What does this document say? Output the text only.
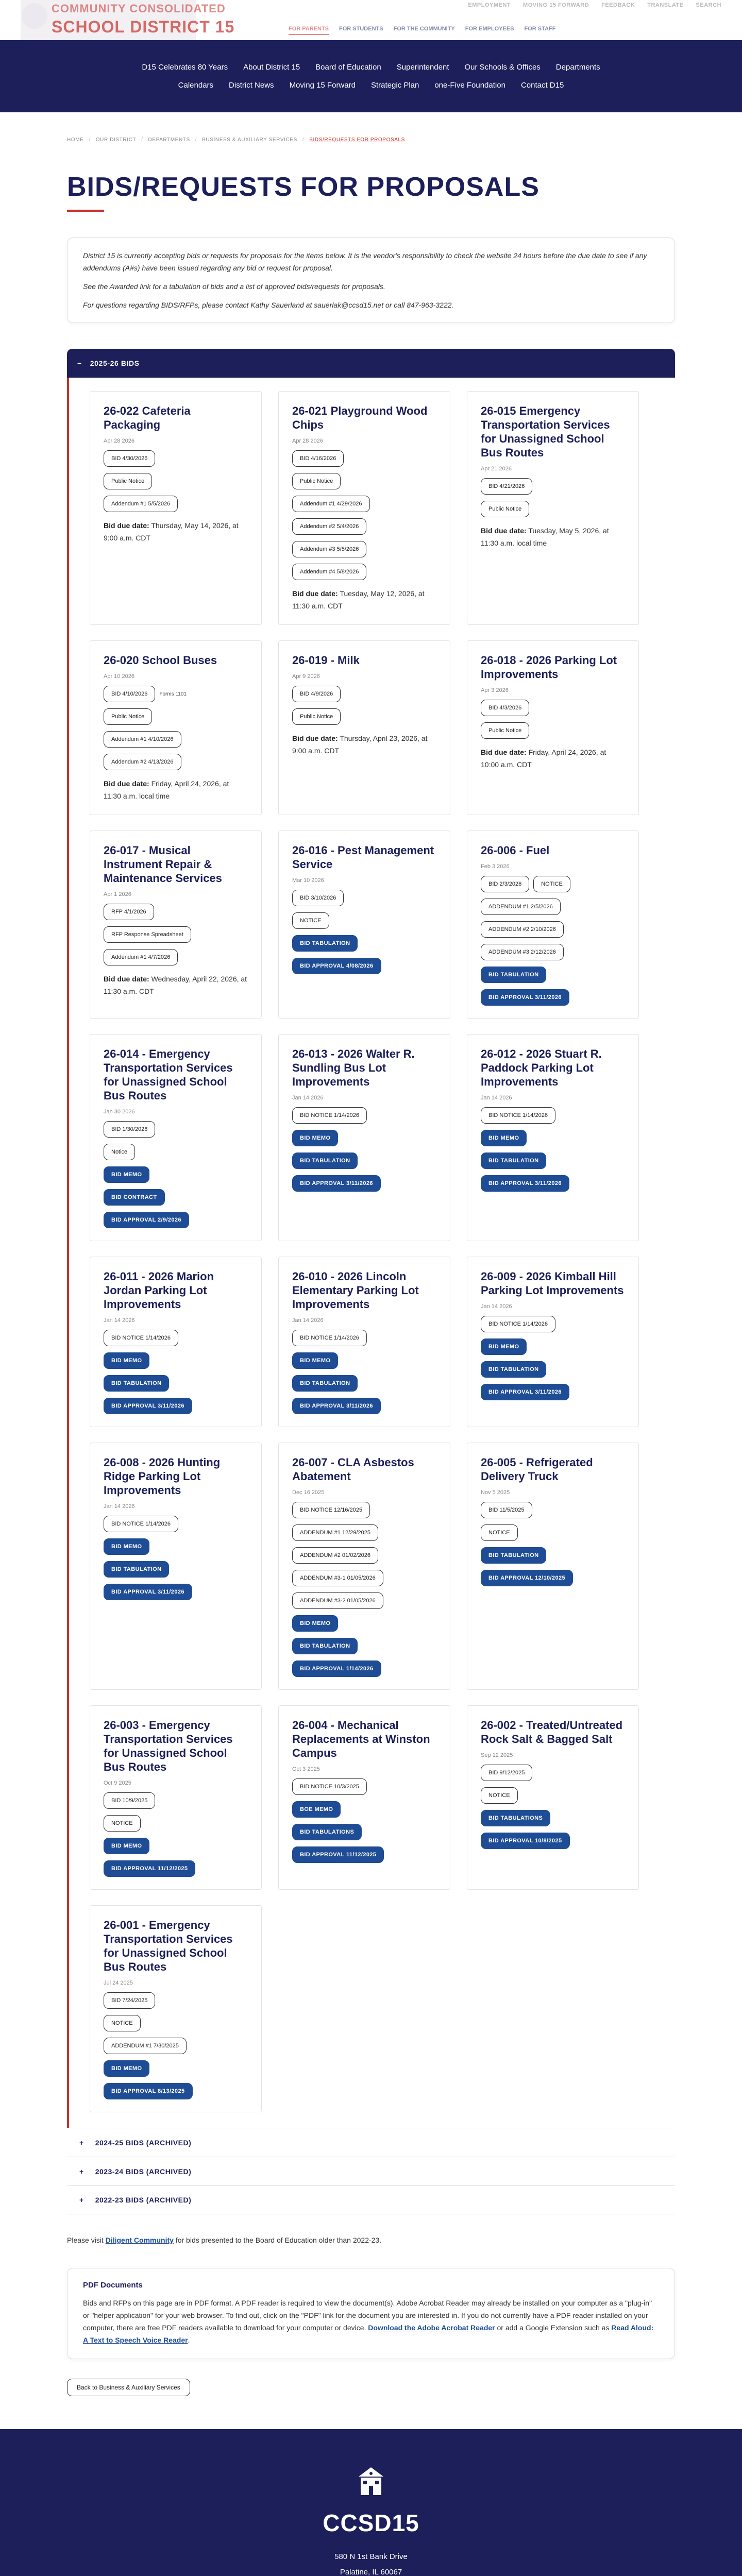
COMMUNITY CONSOLIDATED
SCHOOL DISTRICT 15
EMPLOYMENT MOVING 15 FORWARD FEEDBACK TRANSLATE SEARCH
FOR PARENTS FOR STUDENTS FOR THE COMMUNITY FOR EMPLOYEES FOR STAFF
D15 Celebrates 80 Years About District 15 Board of Education Superintendent Our Schools & Offices Departments
Calendars District News Moving 15 Forward Strategic Plan one-Five Foundation Contact D15
HOME / OUR DISTRICT / DEPARTMENTS / BUSINESS & AUXILIARY SERVICES / BIDS/REQUESTS FOR PROPOSALS
BIDS/REQUESTS FOR PROPOSALS

District 15 is currently accepting bids or requests for proposals for the items below. It is the vendor's responsibility to check the website 24 hours before the due date to see if any addendums (A#s) have been issued regarding any bid or request for proposal.

See the Awarded link for a tabulation of bids and a list of approved bids/requests for proposals.

For questions regarding BIDS/RFPs, please contact Kathy Sauerland at sauerlak@ccsd15.net or call 847-963-3222.

− 2025-26 BIDS
26-022 Cafeteria Packaging
Apr 28 2026
BID 4/30/2026
Public Notice
Addendum #1 5/5/2026
Bid due date: Thursday, May 14, 2026, at 9:00 a.m. CDT
26-021 Playground Wood Chips
Apr 28 2026
BID 4/16/2026
Public Notice
Addendum #1 4/29/2026
Addendum #2 5/4/2026
Addendum #3 5/5/2026
Addendum #4 5/8/2026
Bid due date: Tuesday, May 12, 2026, at 11:30 a.m. CDT
26-015 Emergency Transportation Services for Unassigned School Bus Routes
Apr 21 2026
BID 4/21/2026
Public Notice
Bid due date: Tuesday, May 5, 2026, at 11:30 a.m. local time
26-020 School Buses
Apr 10 2026
BID 4/10/2026	Forms 1101
Public Notice
Addendum #1 4/10/2026
Addendum #2 4/13/2026
Bid due date: Friday, April 24, 2026, at 11:30 a.m. local time
26-019 - Milk
Apr 9 2026
BID 4/9/2026
Public Notice
Bid due date: Thursday, April 23, 2026, at 9:00 a.m. CDT
26-018 - 2026 Parking Lot Improvements
Apr 3 2026
BID 4/3/2026
Public Notice
Bid due date: Friday, April 24, 2026, at 10:00 a.m. CDT
26-017 - Musical Instrument Repair & Maintenance Services
Apr 1 2026
RFP 4/1/2026
RFP Response Spreadsheet
Addendum #1 4/7/2026
Bid due date: Wednesday, April 22, 2026, at 11:30 a.m. CDT
26-016 - Pest Management Service
Mar 10 2026
BID 3/10/2026
NOTICE
BID TABULATION
BID APPROVAL 4/08/2026
26-006 - Fuel
Feb 3 2026
BID 2/3/2026	NOTICE
ADDENDUM #1 2/5/2026
ADDENDUM #2 2/10/2026
ADDENDUM #3 2/12/2026
BID TABULATION
BID APPROVAL 3/11/2026
26-014 - Emergency Transportation Services for Unassigned School Bus Routes
Jan 30 2026
BID 1/30/2026
Notice
BID MEMO
BID CONTRACT
BID APPROVAL 2/9/2026
26-013 - 2026 Walter R. Sundling Bus Lot Improvements
Jan 14 2026
BID NOTICE 1/14/2026
BID MEMO
BID TABULATION
BID APPROVAL 3/11/2026
26-012 - 2026 Stuart R. Paddock Parking Lot Improvements
Jan 14 2026
BID NOTICE 1/14/2026
BID MEMO
BID TABULATION
BID APPROVAL 3/11/2026
26-011 - 2026 Marion Jordan Parking Lot Improvements
Jan 14 2026
BID NOTICE 1/14/2026
BID MEMO
BID TABULATION
BID APPROVAL 3/11/2026
26-010 - 2026 Lincoln Elementary Parking Lot Improvements
Jan 14 2026
BID NOTICE 1/14/2026
BID MEMO
BID TABULATION
BID APPROVAL 3/11/2026
26-009 - 2026 Kimball Hill Parking Lot Improvements
Jan 14 2026
BID NOTICE 1/14/2026
BID MEMO
BID TABULATION
BID APPROVAL 3/11/2026
26-008 - 2026 Hunting Ridge Parking Lot Improvements
Jan 14 2026
BID NOTICE 1/14/2026
BID MEMO
BID TABULATION
BID APPROVAL 3/11/2026
26-007 - CLA Asbestos Abatement
Dec 16 2025
BID NOTICE 12/16/2025
ADDENDUM #1 12/29/2025
ADDENDUM #2 01/02/2026
ADDENDUM #3-1 01/05/2026
ADDENDUM #3-2 01/05/2026
BID MEMO
BID TABULATION
BID APPROVAL 1/14/2026
26-005 - Refrigerated Delivery Truck
Nov 5 2025
BID 11/5/2025
NOTICE
BID TABULATION
BID APPROVAL 12/10/2025
26-003 - Emergency Transportation Services for Unassigned School Bus Routes
Oct 9 2025
BID 10/9/2025
NOTICE
BID MEMO
BID APPROVAL 11/12/2025
26-004 - Mechanical Replacements at Winston Campus
Oct 3 2025
BID NOTICE 10/3/2025
BOE MEMO
BID TABULATIONS
BID APPROVAL 11/12/2025
26-002 - Treated/Untreated Rock Salt & Bagged Salt
Sep 12 2025
BID 9/12/2025
NOTICE
BID TABULATIONS
BID APPROVAL 10/8/2025
26-001 - Emergency Transportation Services for Unassigned School Bus Routes
Jul 24 2025
BID 7/24/2025
NOTICE
ADDENDUM #1 7/30/2025
BID MEMO
BID APPROVAL 8/13/2025
+ 2024-25 BIDS (ARCHIVED)
+ 2023-24 BIDS (ARCHIVED)
+ 2022-23 BIDS (ARCHIVED)

Please visit Diligent Community for bids presented to the Board of Education older than 2022-23.

PDF Documents

Bids and RFPs on this page are in PDF format. A PDF reader is required to view the document(s). Adobe Acrobat Reader may already be installed on your computer as a "plug-in" or "helper application" for your web browser. To find out, click on the "PDF" link for the document you are interested in. If you do not currently have a PDF reader installed on your computer, there are free PDF readers available to download for your computer or device. Download the Adobe Acrobat Reader or add a Google Extension such as Read Aloud: A Text to Speech Voice Reader.

Back to Business & Auxiliary Services
CCSD15
580 N 1st Bank Drive
Palatine, IL 60067
